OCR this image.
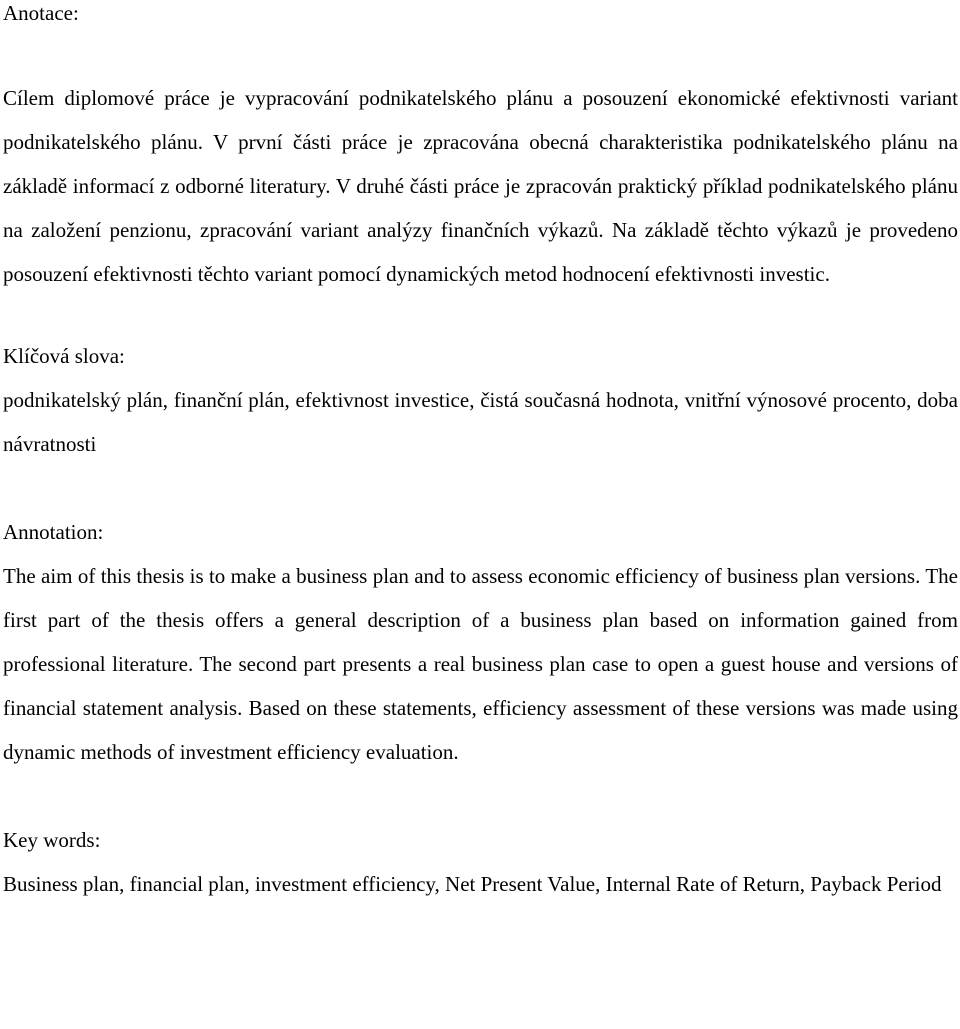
Anotace:

Cílem diplomové práce je vypracování podnikatelského plánu a posouzení ekonomické efektivnosti variant podnikatelského plánu. V první části práce je zpracována obecná charakteristika podnikatelského plánu na základě informací z odborné literatury. V druhé části práce je zpracován praktický příklad podnikatelského plánu na založení penzionu, zpracování variant analýzy finančních výkazů. Na základě těchto výkazů je provedeno posouzení efektivnosti těchto variant pomocí dynamických metod hodnocení efektivnosti investic.

Klíčová slova:

podnikatelský plán, finanční plán, efektivnost investice, čistá současná hodnota, vnitřní výnosové procento, doba návratnosti

Annotation:

The aim of this thesis is to make a business plan and to assess economic efficiency of business plan versions. The first part of the thesis offers a general description of a business plan based on information gained from professional literature. The second part presents a real business plan case to open a guest house and versions of financial statement analysis. Based on these statements, efficiency assessment of these versions was made using dynamic methods of investment efficiency evaluation.

Key words:

Business plan, financial plan, investment efficiency, Net Present Value, Internal Rate of Return, Payback Period
